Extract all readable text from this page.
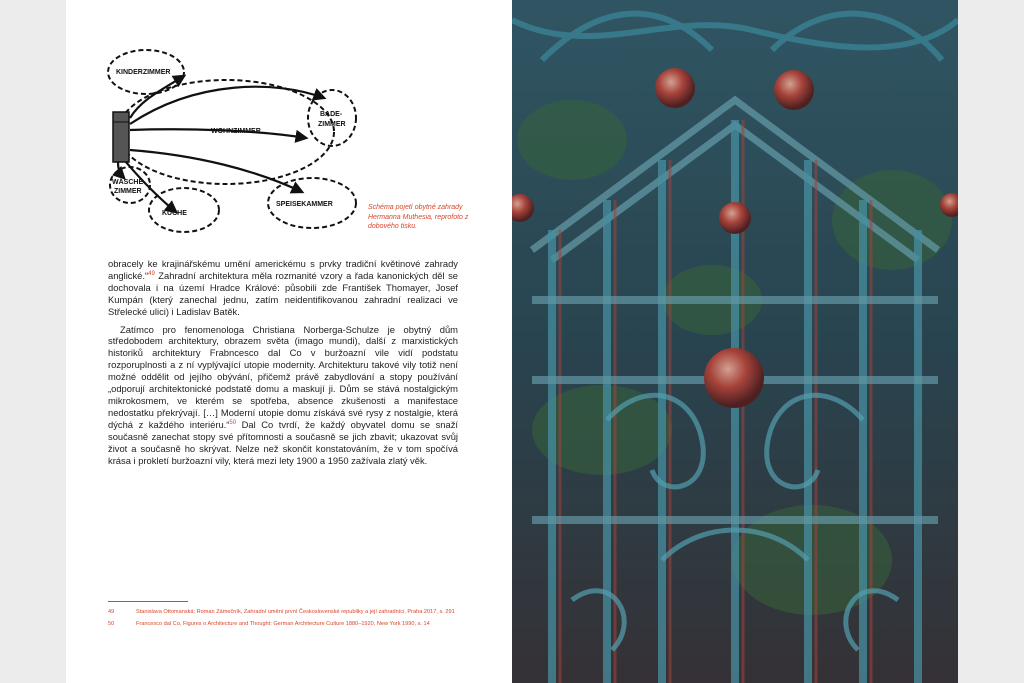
KINDERZIMMER
WOHNZIMMER
BADE-
ZIMMER
WÄSCHE-
ZIMMER
KÜCHE
SPEISEKAMMER	Schéma pojetí obytné zahrady Hermanna Muthesia, reprofoto z dobového tisku.

obracely ke krajinářskému umění americkému s prvky tradiční květinové zahrady anglické.“$^{49}$ Zahradní architektura měla rozmanité vzory a řada kanonických děl se dochovala i na území Hradce Králové: působili zde František Thomayer, Josef Kumpán (který zanechal jednu, zatím neidentifikovanou zahradní realizaci ve Střelecké ulici) i Ladislav Batěk.

Zatímco pro fenomenologa Christiana Norberga-Schulze je obytný dům středobodem architektury, obrazem světa (imago mundi), další z marxistických historiků architektury Frabncesco dal Co v buržoazní vile vidí podstatu rozporuplnosti a z ní vyplývající utopie modernity. Architekturu takové vily totiž není možné oddělit od jejího obývání, přičemž právě zabydlování a stopy používání „odporují architektonické podstatě domu a maskují ji. Dům se stává nostalgickým mikrokosmem, ve kterém se spotřeba, absence zkušenosti a manifestace nedostatku překrývají. […] Moderní utopie domu získává své rysy z nostalgie, která dýchá z každého interiéru.“$^{50}$ Dal Co tvrdí, že každý obyvatel domu se snaží současně zanechat stopy své přítomnosti a současně se jich zbavit; ukazovat svůj život a současně ho skrývat. Nelze než skončit konstatováním, že v tom spočívá krása i prokletí buržoazní vily, která mezi lety 1900 a 1950 zažívala zlatý věk.

49	Stanislava Ottomanská; Roman Zámečník, Zahradní umění první Československé republiky a její zahradníci, Praha 2017, s. 291
50	Francesco dal Co, Figures o Architecture and Thought: German Architecture Culture 1880–1920, New York 1990, s. 14
